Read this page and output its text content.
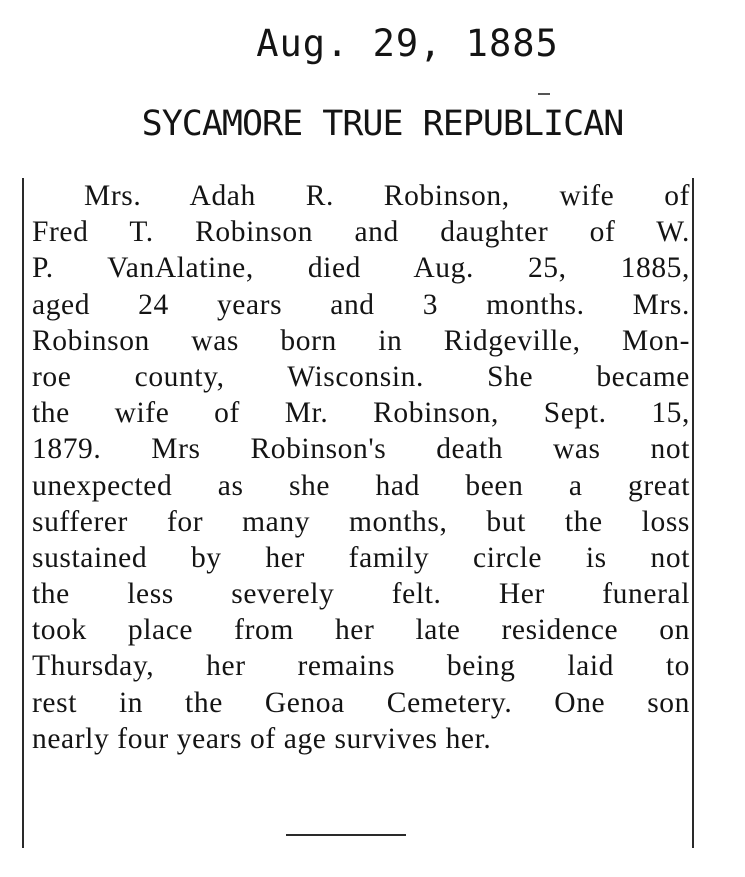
Aug. 29, 1885
SYCAMORE TRUE REPUBLICAN
Mrs. Adah R. Robinson, wife of
Fred T. Robinson and daughter of W.
P. VanAlatine, died Aug. 25, 1885,
aged 24 years and 3 months. Mrs.
Robinson was born in Ridgeville, Mon-
roe county, Wisconsin. She became
the wife of Mr. Robinson, Sept. 15,
1879. Mrs Robinson's death was not
unexpected as she had been a great
sufferer for many months, but the loss
sustained by her family circle is not
the less severely felt. Her funeral
took place from her late residence on
Thursday, her remains being laid to
rest in the Genoa Cemetery. One son
nearly four years of age survives her.
